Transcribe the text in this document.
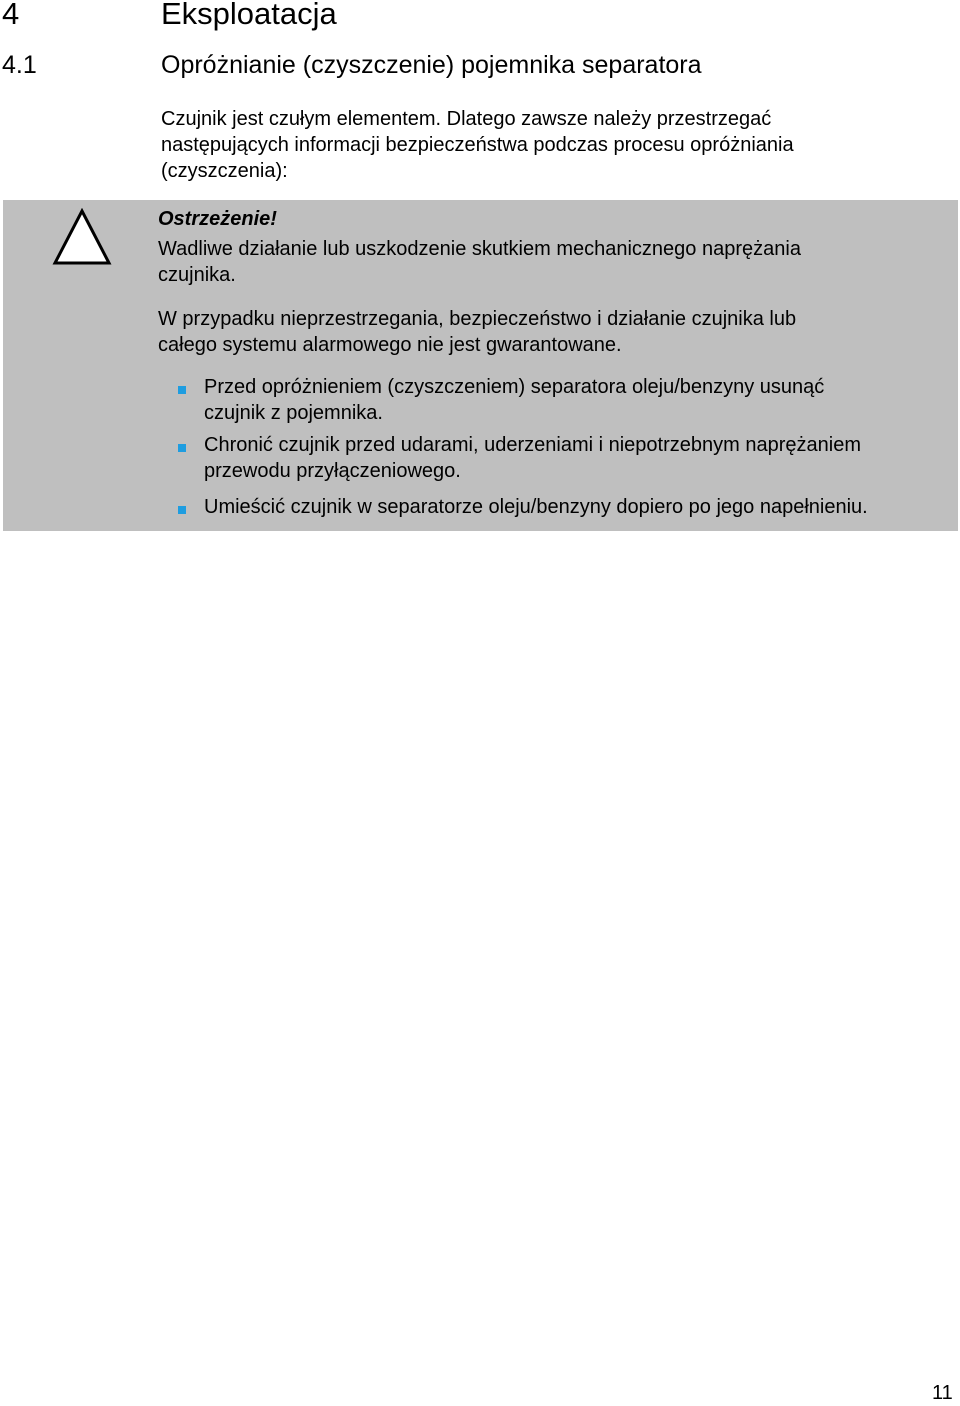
4	Eksploatacja
4.1	Opróżnianie (czyszczenie) pojemnika separatora
Czujnik jest czułym elementem. Dlatego zawsze należy przestrzegać
następujących informacji bezpieczeństwa podczas procesu opróżniania
(czyszczenia):
Ostrzeżenie!
Wadliwe działanie lub uszkodzenie skutkiem mechanicznego naprężania
czujnika.
W przypadku nieprzestrzegania, bezpieczeństwo i działanie czujnika lub
całego systemu alarmowego nie jest gwarantowane.
Przed opróżnieniem (czyszczeniem) separatora oleju/benzyny usunąć
czujnik z pojemnika.
Chronić czujnik przed udarami, uderzeniami i niepotrzebnym naprężaniem
przewodu przyłączeniowego.
Umieścić czujnik w separatorze oleju/benzyny dopiero po jego napełnieniu.
11
